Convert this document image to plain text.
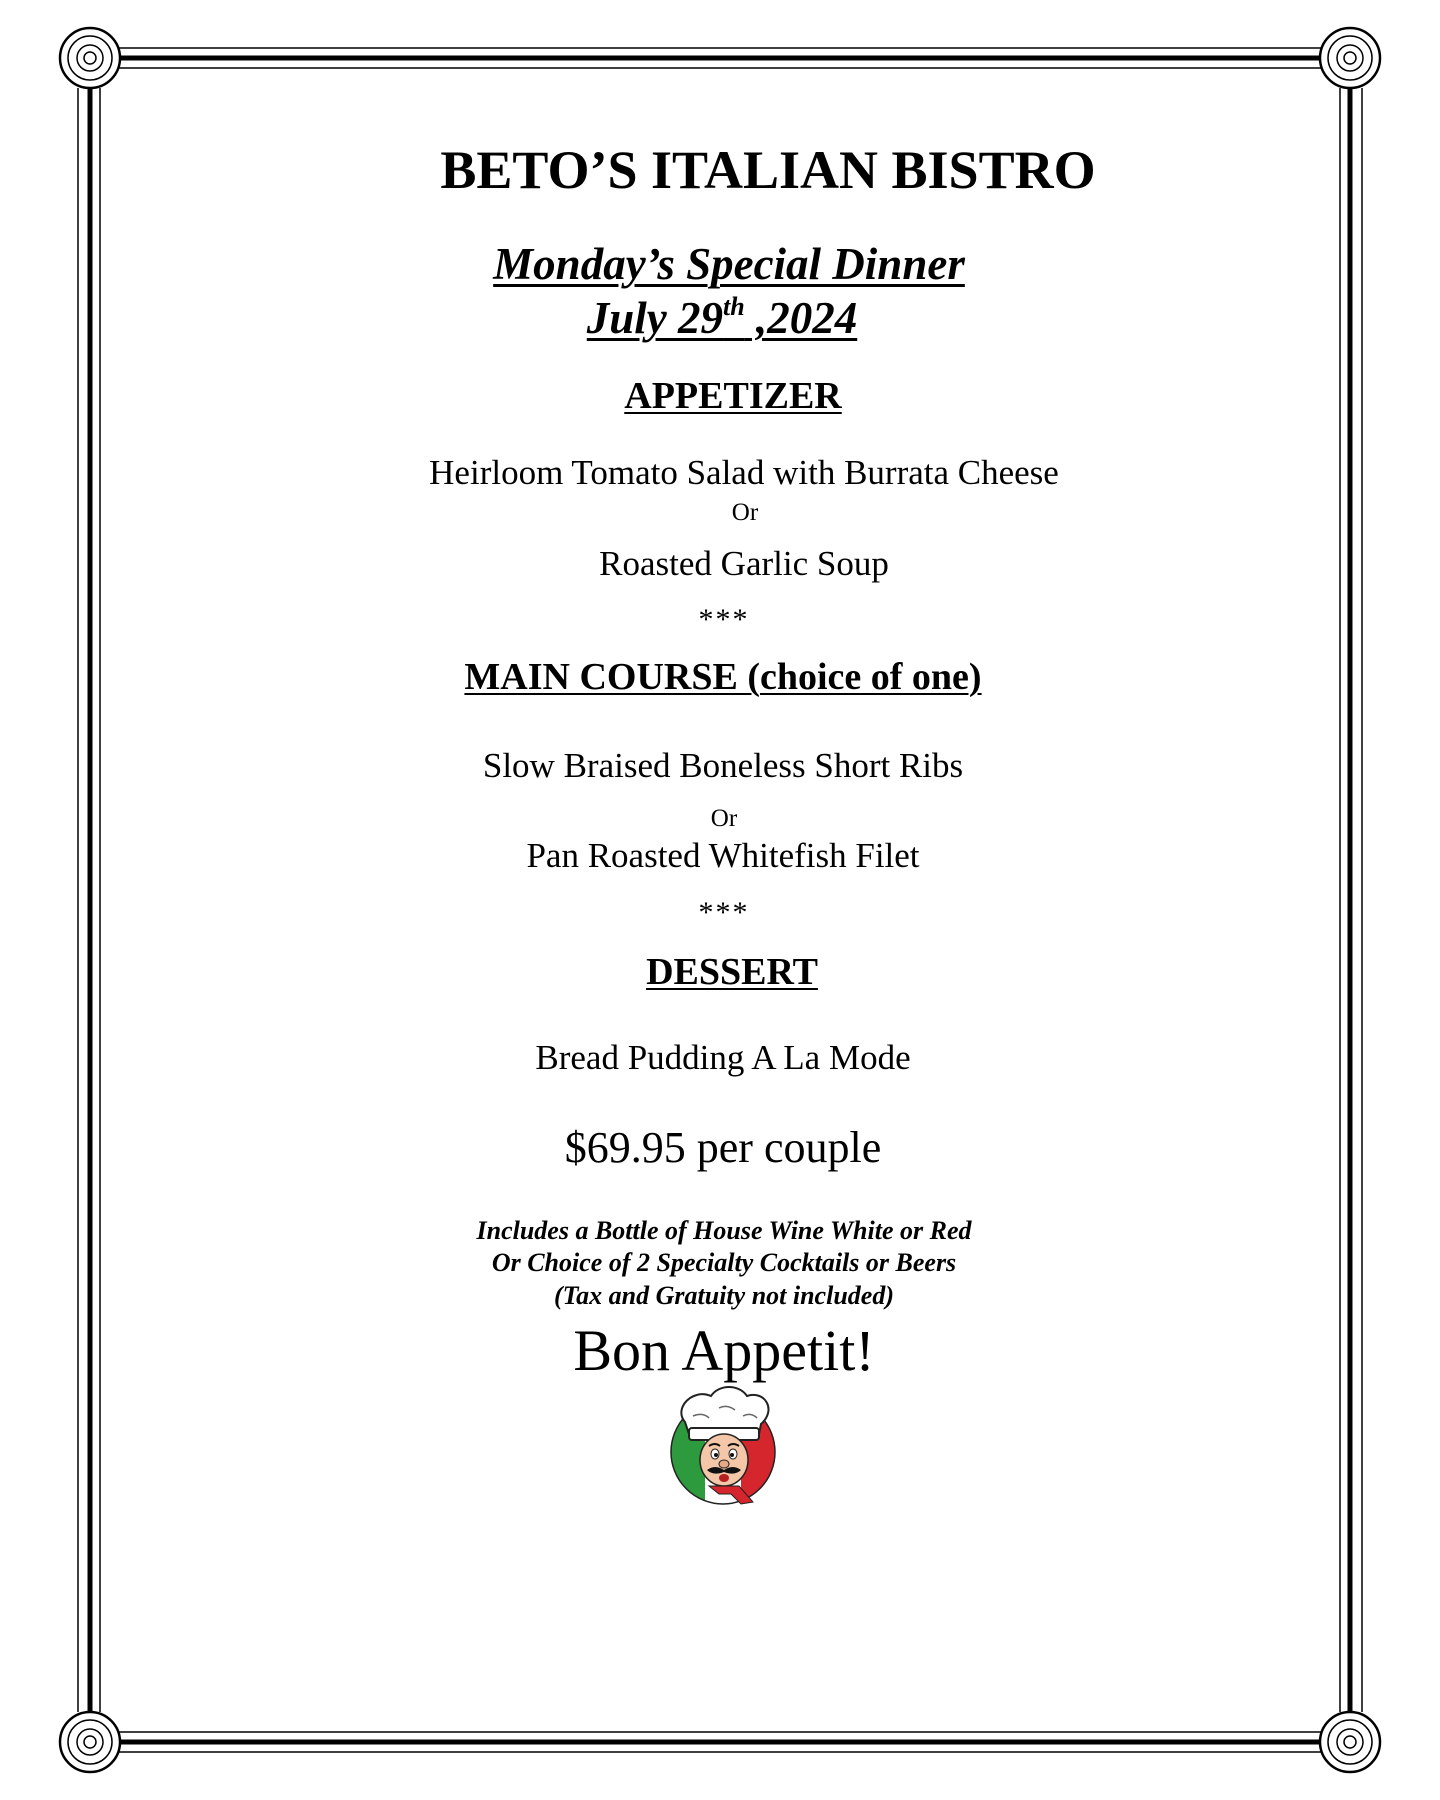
BETO’S ITALIAN BISTRO
Monday’s Special Dinner
July 29th ,2024
APPETIZER
Heirloom Tomato Salad with Burrata Cheese
Or
Roasted Garlic Soup
***
MAIN COURSE (choice of one)
Slow Braised Boneless Short Ribs
Or
Pan Roasted Whitefish Filet
***
DESSERT
Bread Pudding A La Mode
$69.95 per couple
Includes a Bottle of House Wine White or Red
Or Choice of 2 Specialty Cocktails or Beers
(Tax and Gratuity not included)
Bon Appetit!
